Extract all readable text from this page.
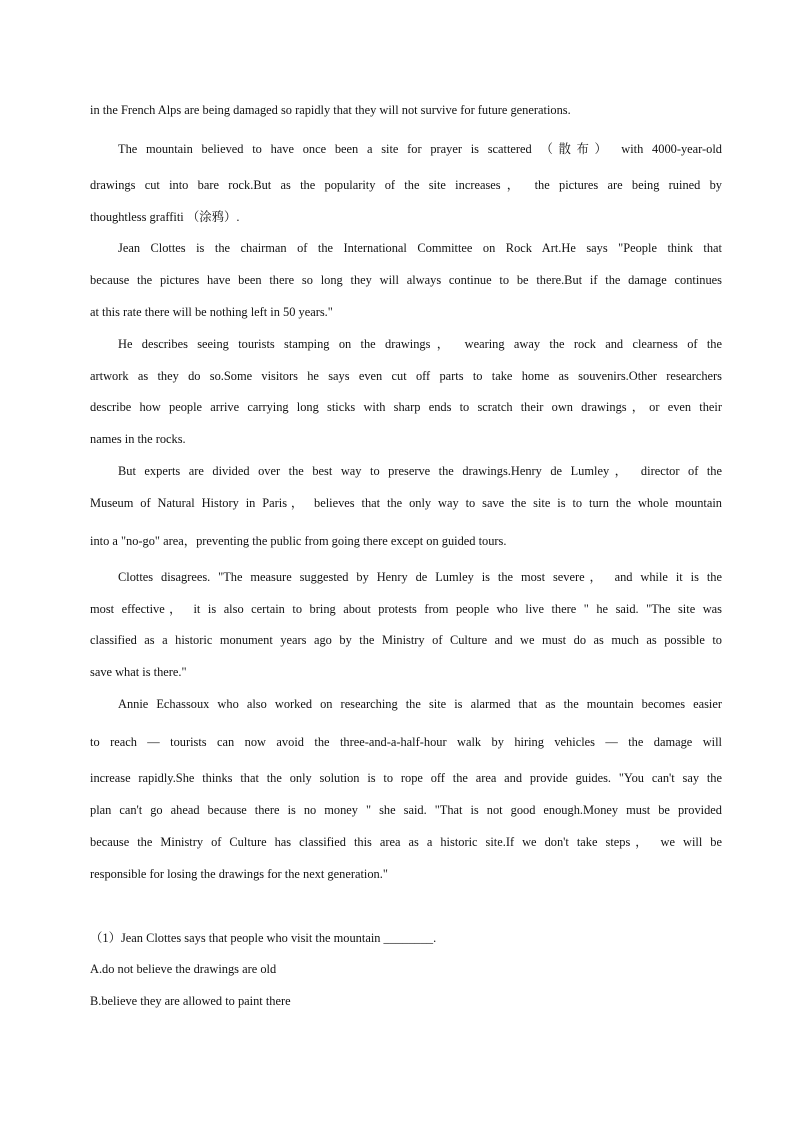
in the French Alps are being damaged so rapidly that they will not survive for future generations.
The mountain believed to have once been a site for prayer is scattered （散布） with 4000-year-old
drawings cut into bare rock.But as the popularity of the site increases， the pictures are being ruined by
thoughtless graffiti （涂鸦）.
Jean Clottes is the chairman of the International Committee on Rock Art.He says "People think that
because the pictures have been there so long they will always continue to be there.But if the damage continues
at this rate there will be nothing left in 50 years."
He describes seeing tourists stamping on the drawings， wearing away the rock and clearness of the
artwork as they do so.Some visitors he says even cut off parts to take home as souvenirs.Other researchers
describe how people arrive carrying long sticks with sharp ends to scratch their own drawings，or even their
names in the rocks.
But experts are divided over the best way to preserve the drawings.Henry de Lumley， director of the
Museum of Natural History in Paris， believes that the only way to save the site is to turn the whole mountain
into a "no-go" area，preventing the public from going there except on guided tours.
Clottes disagrees. "The measure suggested by Henry de Lumley is the most severe， and while it is the
most effective， it is also certain to bring about protests from people who live there " he said. "The site was
classified as a historic monument years ago by the Ministry of Culture and we must do as much as possible to
save what is there."
Annie Echassoux who also worked on researching the site is alarmed that as the mountain becomes easier
to reach — tourists can now avoid the three-and-a-half-hour walk by hiring vehicles — the damage will
increase rapidly.She thinks that the only solution is to rope off the area and provide guides. "You can't say the
plan can't go ahead because there is no money " she said. "That is not good enough.Money must be provided
because the Ministry of Culture has classified this area as a historic site.If we don't take steps， we will be
responsible for losing the drawings for the next generation."
（1）Jean Clottes says that people who visit the mountain ________.
A.do not believe the drawings are old
B.believe they are allowed to paint there
